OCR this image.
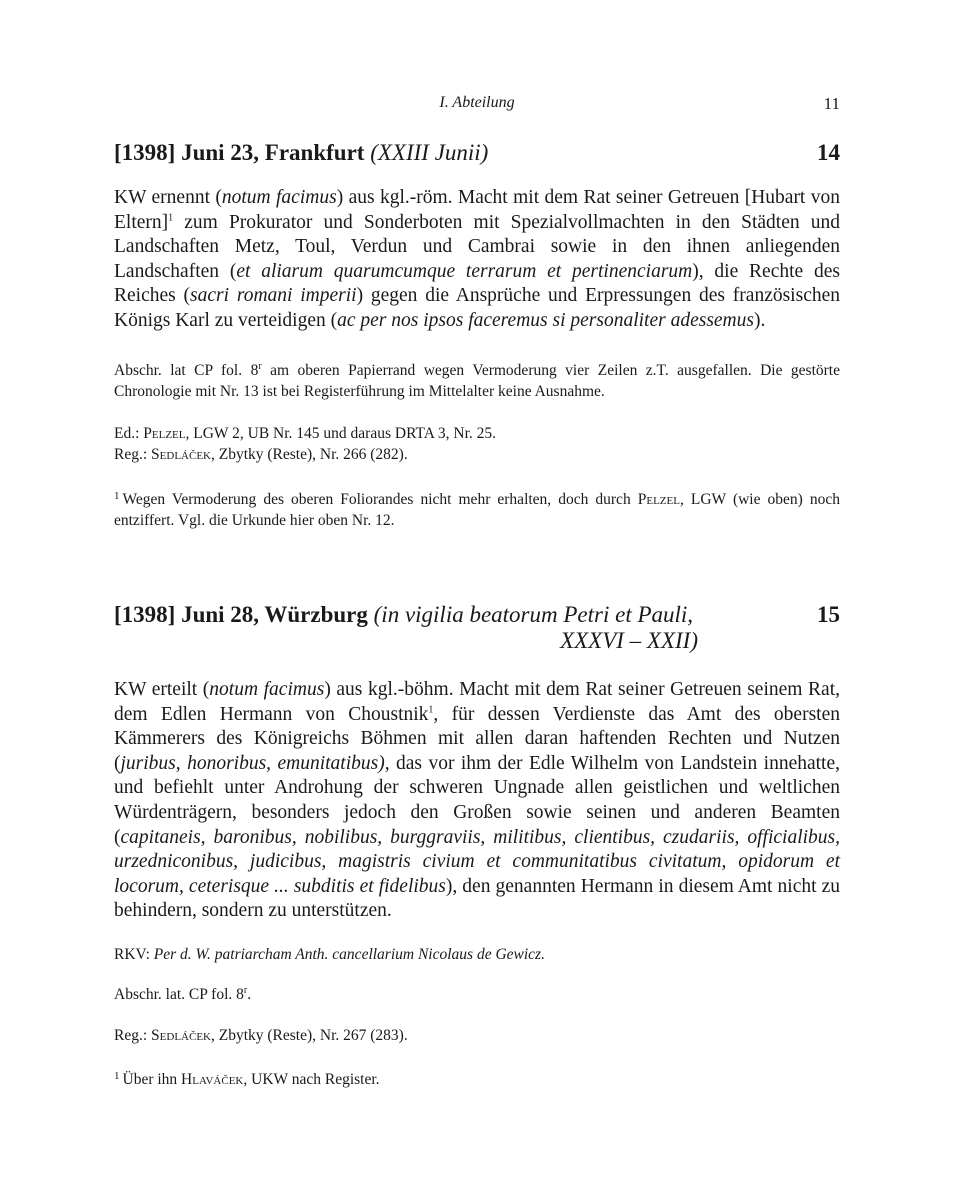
I. Abteilung	11
[1398] Juni 23, Frankfurt (XXIII Junii)	14
KW ernennt (notum facimus) aus kgl.-röm. Macht mit dem Rat seiner Getreuen [Hubart von Eltern]$^1$ zum Prokurator und Sonderboten mit Spezialvollmachten in den Städten und Landschaften Metz, Toul, Verdun und Cambrai sowie in den ihnen anliegenden Landschaften (et aliarum quarumcumque terrarum et pertinenciarum), die Rechte des Reiches (sacri romani imperii) gegen die Ansprüche und Erpressungen des französischen Königs Karl zu verteidigen (ac per nos ipsos faceremus si personaliter adessemus).
Abschr. lat CP fol. 8$^r$ am oberen Papierrand wegen Vermoderung vier Zeilen z.T. ausgefallen. Die gestörte Chronologie mit Nr. 13 ist bei Registerführung im Mittelalter keine Ausnahme.
Ed.: Pelzel, LGW 2, UB Nr. 145 und daraus DRTA 3, Nr. 25.
Reg.: Sedláček, Zbytky (Reste), Nr. 266 (282).
$^1$ Wegen Vermoderung des oberen Foliorandes nicht mehr erhalten, doch durch Pelzel, LGW (wie oben) noch entziffert. Vgl. die Urkunde hier oben Nr. 12.
[1398] Juni 28, Würzburg (in vigilia beatorum Petri et Pauli,
XXXVI – XXII)
15
KW erteilt (notum facimus) aus kgl.-böhm. Macht mit dem Rat seiner Getreuen seinem Rat, dem Edlen Hermann von Choustnik$^1$, für dessen Verdienste das Amt des obersten Kämmerers des Königreichs Böhmen mit allen daran haftenden Rechten und Nutzen (juribus, honoribus, emunitatibus), das vor ihm der Edle Wilhelm von Landstein innehatte, und befiehlt unter Androhung der schweren Ungnade allen geistlichen und weltlichen Würdenträgern, besonders jedoch den Großen sowie seinen und anderen Beamten (capitaneis, baronibus, nobilibus, burggraviis, militibus, clientibus, czudariis, officialibus, urzedniconibus, judicibus, magistris civium et communitatibus civitatum, opidorum et locorum, ceterisque ... subditis et fidelibus), den genannten Hermann in diesem Amt nicht zu behindern, sondern zu unterstützen.
RKV: Per d. W. patriarcham Anth. cancellarium Nicolaus de Gewicz.
Abschr. lat. CP fol. 8$^r$.
Reg.: Sedláček, Zbytky (Reste), Nr. 267 (283).
$^1$ Über ihn Hlaváček, UKW nach Register.
